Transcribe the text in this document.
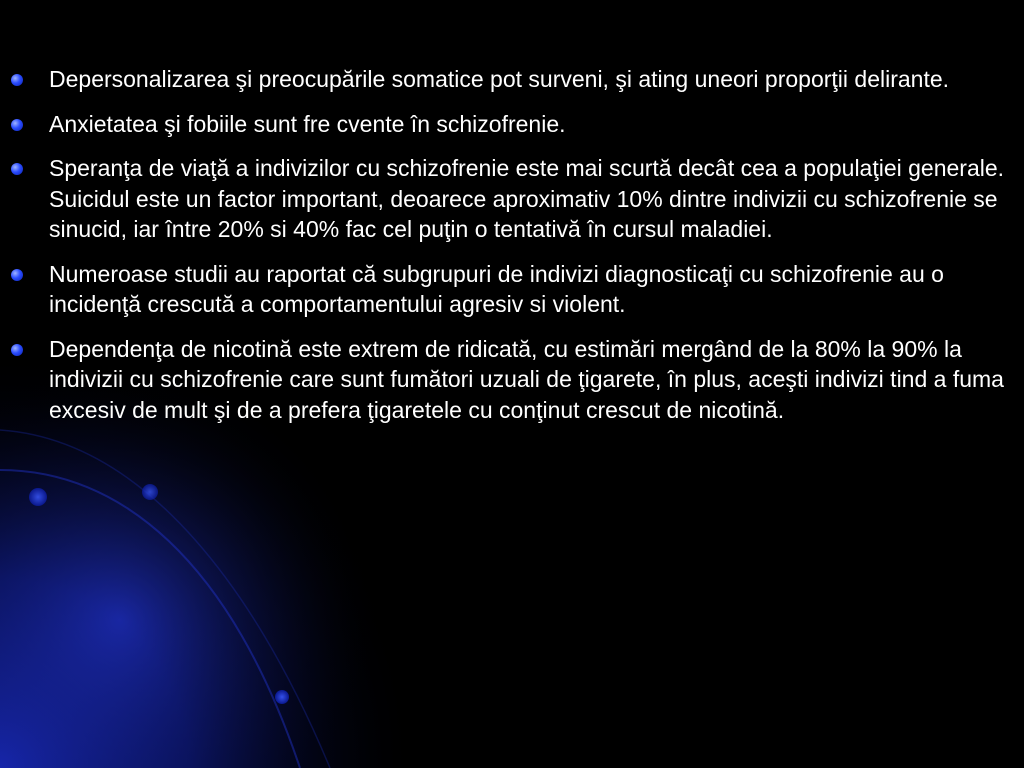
Depersonalizarea şi preocupările somatice pot surveni, şi ating uneori proporţii delirante.
Anxietatea şi fobiile sunt fre cvente în schizofrenie.
Speranţa de viaţă a indivizilor cu schizofrenie este mai scurtă decât cea a populaţiei generale. Suicidul este un factor important, deoarece aproximativ 10% dintre indivizii cu schizofrenie se sinucid, iar între 20% si 40% fac cel puţin o tentativă în cursul maladiei.
Numeroase studii au raportat că subgrupuri de indivizi diagnosticaţi cu schizofrenie au o incidenţă crescută a comportamentului agresiv si violent.
Dependenţa de nicotină este extrem de ridicată, cu estimări mergând de la 80% la 90% la indivizii cu schizofrenie care sunt fumători uzuali de ţigarete, în plus, aceşti indivizi tind a fuma excesiv de mult şi de a prefera ţigaretele cu conţinut crescut de nicotină.
